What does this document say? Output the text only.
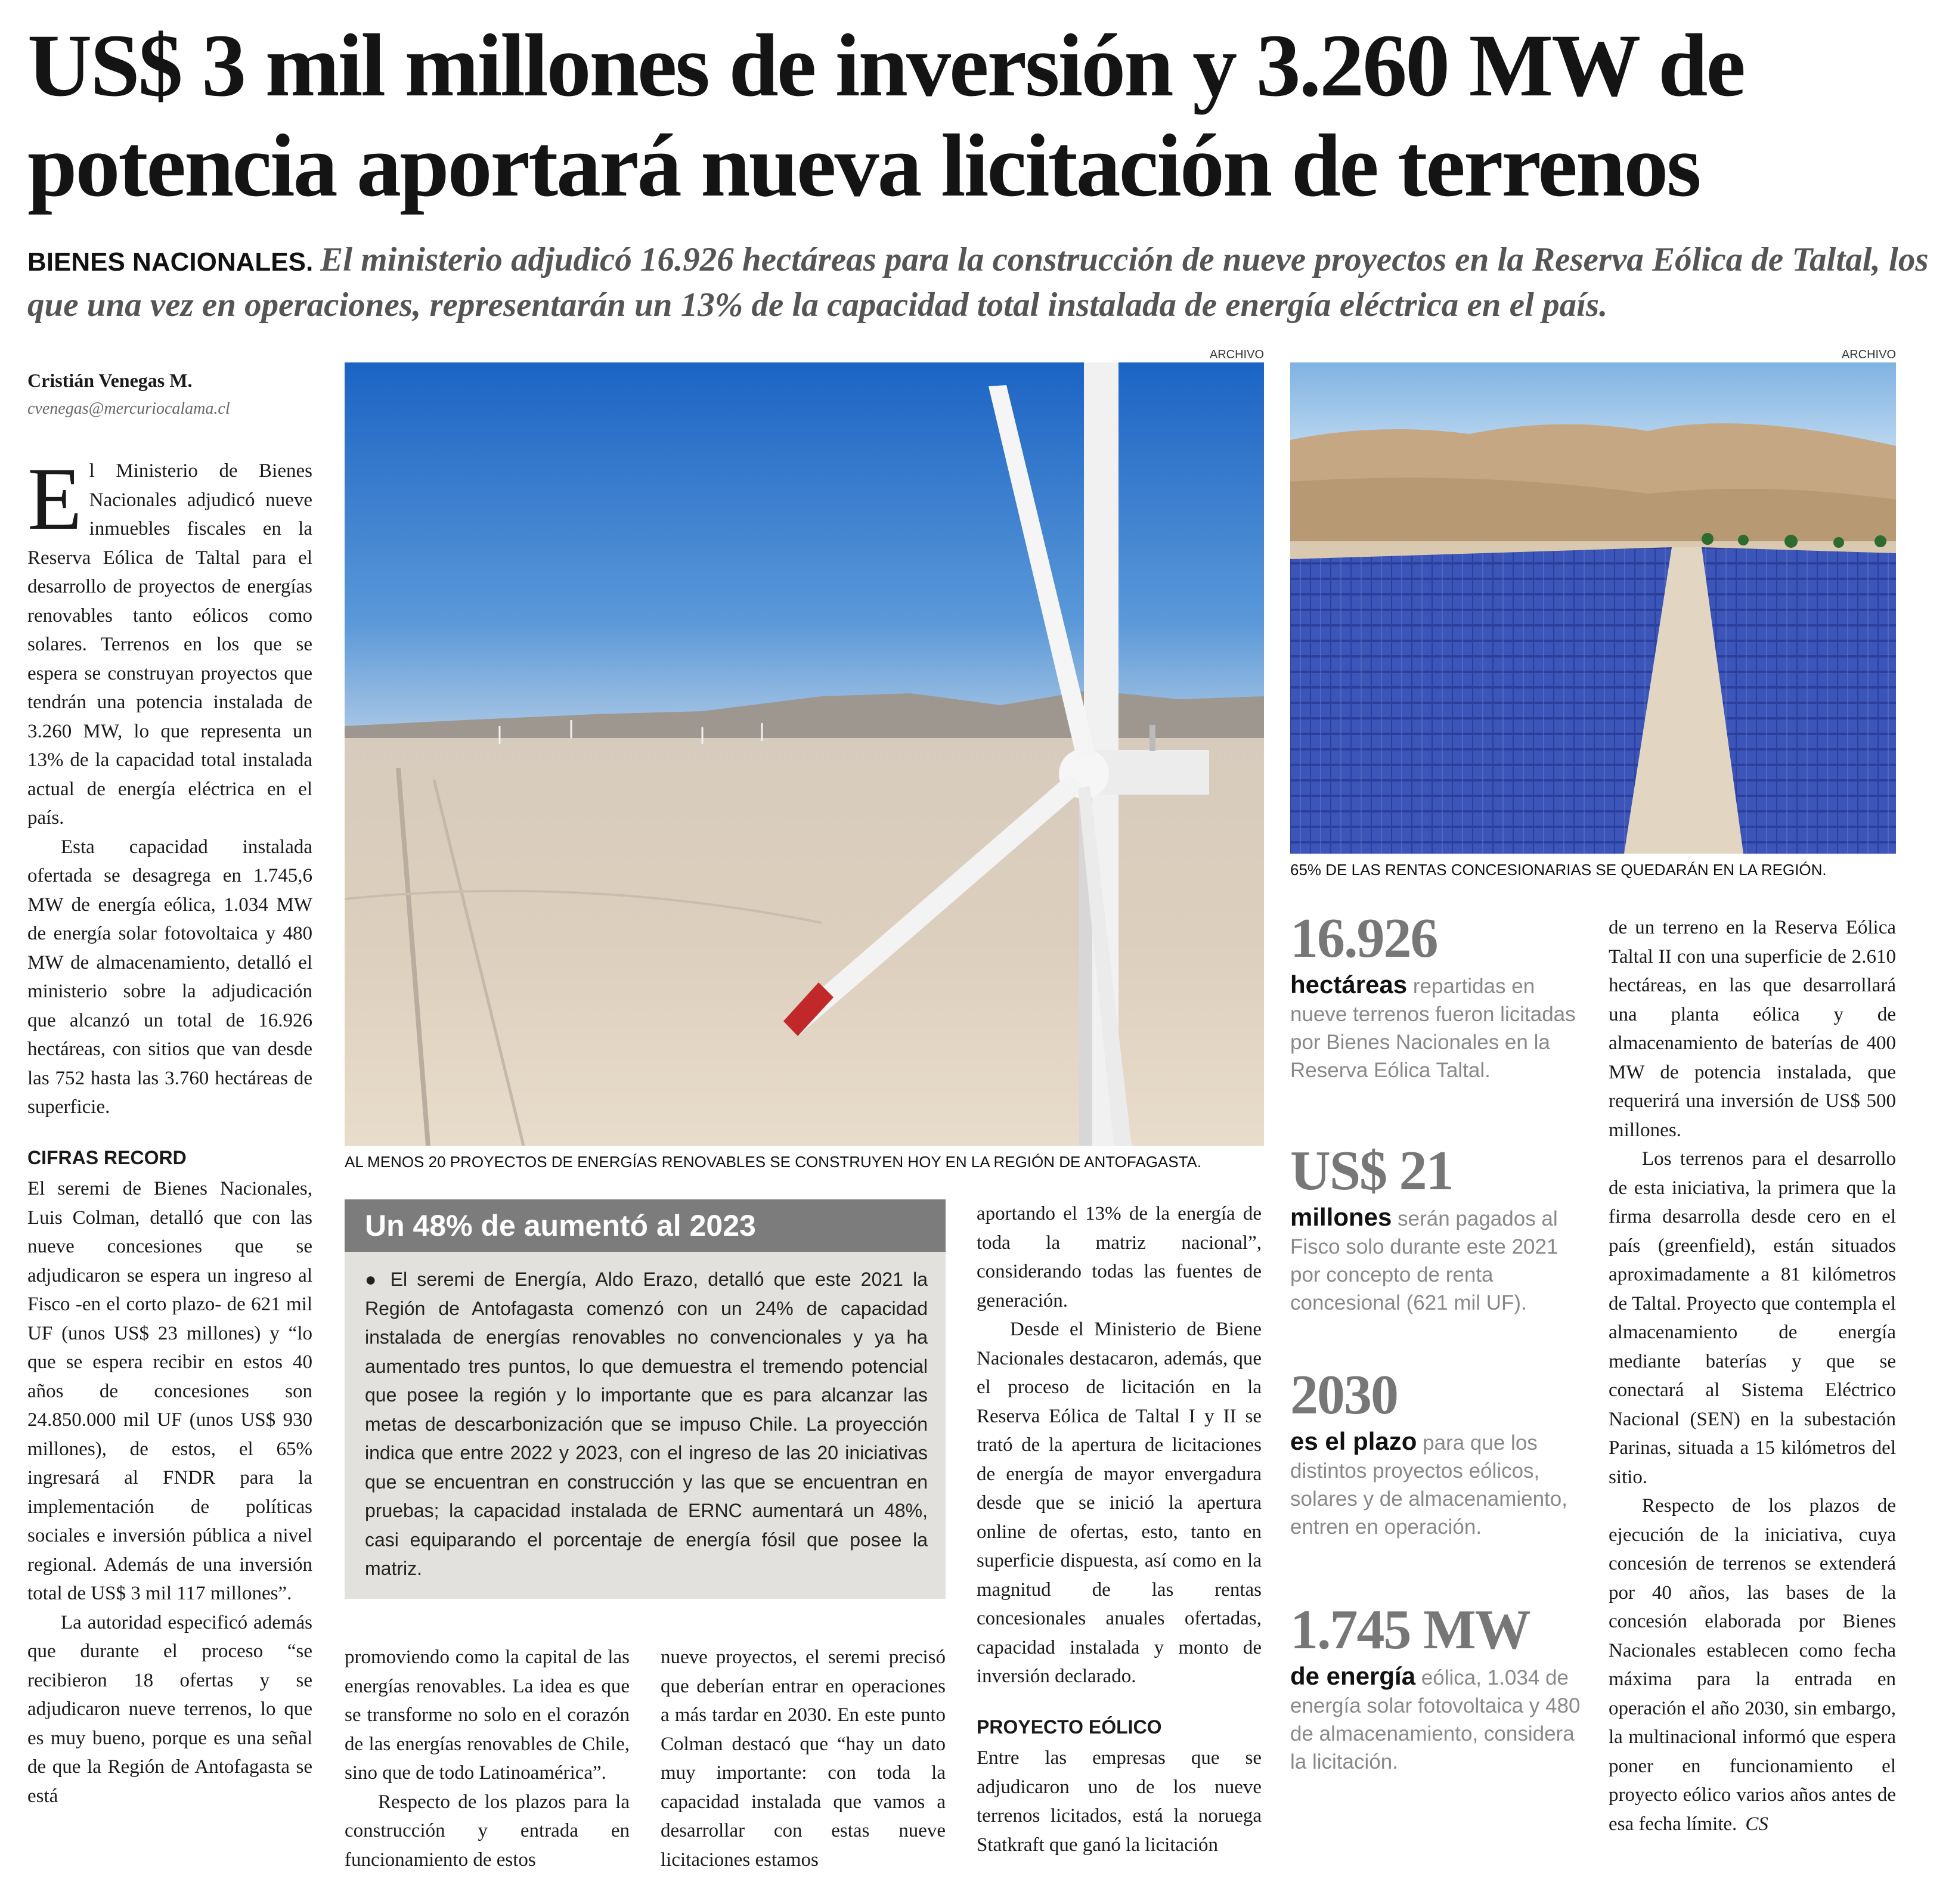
US$ 3 mil millones de inversión y 3.260 MW de potencia aportará nueva licitación de terrenos
BIENES NACIONALES. El ministerio adjudicó 16.926 hectáreas para la construcción de nueve proyectos en la Reserva Eólica de Taltal, los que una vez en operaciones, representarán un 13% de la capacidad total instalada de energía eléctrica en el país.
Cristián Venegas M.
cvenegas@mercuriocalama.cl

El Ministerio de Bienes Nacionales adjudicó nueve inmuebles fiscales en la Reserva Eólica de Taltal para el desarrollo de proyectos de energías renovables tanto eólicos como solares. Terrenos en los que se espera se construyan proyectos que tendrán una potencia instalada de 3.260 MW, lo que representa un 13% de la capacidad total instalada actual de energía eléctrica en el país.

Esta capacidad instalada ofertada se desagrega en 1.745,6 MW de energía eólica, 1.034 MW de energía solar fotovoltaica y 480 MW de almacenamiento, detalló el ministerio sobre la adjudicación que alcanzó un total de 16.926 hectáreas, con sitios que van desde las 752 hasta las 3.760 hectáreas de superficie.

CIFRAS RECORD

El seremi de Bienes Nacionales, Luis Colman, detalló que con las nueve concesiones que se adjudicaron se espera un ingreso al Fisco -en el corto plazo- de 621 mil UF (unos US$ 23 millones) y “lo que se espera recibir en estos 40 años de concesiones son 24.850.000 mil UF (unos US$ 930 millones), de estos, el 65% ingresará al FNDR para la implementación de políticas sociales e inversión pública a nivel regional. Además de una inversión total de US$ 3 mil 117 millones”.

La autoridad especificó además que durante el proceso “se recibieron 18 ofertas y se adjudicaron nueve terrenos, lo que es muy bueno, porque es una señal de que la Región de Antofagasta se está

ARCHIVO
AL MENOS 20 PROYECTOS DE ENERGÍAS RENOVABLES SE CONSTRUYEN HOY EN LA REGIÓN DE ANTOFAGASTA.
Un 48% de aumentó al 2023
● El seremi de Energía, Aldo Erazo, detalló que este 2021 la Región de Antofagasta comenzó con un 24% de capacidad instalada de energías renovables no convencionales y ya ha aumentado tres puntos, lo que demuestra el tremendo potencial que posee la región y lo importante que es para alcanzar las metas de descarbonización que se impuso Chile. La proyección indica que entre 2022 y 2023, con el ingreso de las 20 iniciativas que se encuentran en construcción y las que se encuentran en pruebas; la capacidad instalada de ERNC aumentará un 48%, casi equiparando el porcentaje de energía fósil que posee la matriz.

promoviendo como la capital de las energías renovables. La idea es que se transforme no solo en el corazón de las energías renovables de Chile, sino que de todo Latinoamérica”.

Respecto de los plazos para la construcción y entrada en funcionamiento de estos

nueve proyectos, el seremi precisó que deberían entrar en operaciones a más tardar en 2030. En este punto Colman destacó que “hay un dato muy importante: con toda la capacidad instalada que vamos a desarrollar con estas nueve licitaciones estamos

aportando el 13% de la energía de toda la matriz nacional”, considerando todas las fuentes de generación.

Desde el Ministerio de Biene Nacionales destacaron, además, que el proceso de licitación en la Reserva Eólica de Taltal I y II se trató de la apertura de licitaciones de energía de mayor envergadura desde que se inició la apertura online de ofertas, esto, tanto en superficie dispuesta, así como en la magnitud de las rentas concesionales anuales ofertadas, capacidad instalada y monto de inversión declarado.

PROYECTO EÓLICO

Entre las empresas que se adjudicaron uno de los nueve terrenos licitados, está la noruega Statkraft que ganó la licitación

ARCHIVO
65% DE LAS RENTAS CONCESIONARIAS SE QUEDARÁN EN LA REGIÓN.
16.926
hectáreas repartidas en nueve terrenos fueron licitadas por Bienes Nacionales en la Reserva Eólica Taltal.
US$ 21
millones serán pagados al Fisco solo durante este 2021 por concepto de renta concesional (621 mil UF).
2030
es el plazo para que los distintos proyectos eólicos, solares y de almacenamiento, entren en operación.
1.745 MW
de energía eólica, 1.034 de energía solar fotovoltaica y 480 de almacenamiento, considera la licitación.

de un terreno en la Reserva Eólica Taltal II con una superficie de 2.610 hectáreas, en las que desarrollará una planta eólica y de almacenamiento de baterías de 400 MW de potencia instalada, que requerirá una inversión de US$ 500 millones.

Los terrenos para el desarrollo de esta iniciativa, la primera que la firma desarrolla desde cero en el país (greenfield), están situados aproximadamente a 81 kilómetros de Taltal. Proyecto que contempla el almacenamiento de energía mediante baterías y que se conectará al Sistema Eléctrico Nacional (SEN) en la subestación Parinas, situada a 15 kilómetros del sitio.

Respecto de los plazos de ejecución de la iniciativa, cuya concesión de terrenos se extenderá por 40 años, las bases de la concesión elaborada por Bienes Nacionales establecen como fecha máxima para la entrada en operación el año 2030, sin embargo, la multinacional informó que espera poner en funcionamiento el proyecto eólico varios años antes de esa fecha límite. CS
